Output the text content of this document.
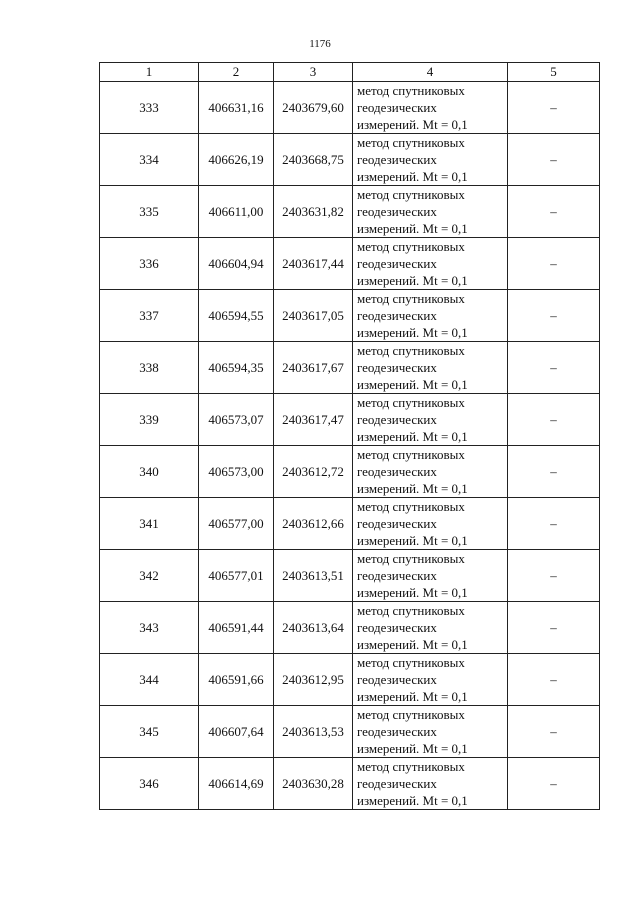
1176
1	2	3	4	5
333	406631,16	2403679,60	метод спутниковых
геодезических
измерений. Mt = 0,1	–
334	406626,19	2403668,75	метод спутниковых
геодезических
измерений. Mt = 0,1	–
335	406611,00	2403631,82	метод спутниковых
геодезических
измерений. Mt = 0,1	–
336	406604,94	2403617,44	метод спутниковых
геодезических
измерений. Mt = 0,1	–
337	406594,55	2403617,05	метод спутниковых
геодезических
измерений. Mt = 0,1	–
338	406594,35	2403617,67	метод спутниковых
геодезических
измерений. Mt = 0,1	–
339	406573,07	2403617,47	метод спутниковых
геодезических
измерений. Mt = 0,1	–
340	406573,00	2403612,72	метод спутниковых
геодезических
измерений. Mt = 0,1	–
341	406577,00	2403612,66	метод спутниковых
геодезических
измерений. Mt = 0,1	–
342	406577,01	2403613,51	метод спутниковых
геодезических
измерений. Mt = 0,1	–
343	406591,44	2403613,64	метод спутниковых
геодезических
измерений. Mt = 0,1	–
344	406591,66	2403612,95	метод спутниковых
геодезических
измерений. Mt = 0,1	–
345	406607,64	2403613,53	метод спутниковых
геодезических
измерений. Mt = 0,1	–
346	406614,69	2403630,28	метод спутниковых
геодезических
измерений. Mt = 0,1	–
